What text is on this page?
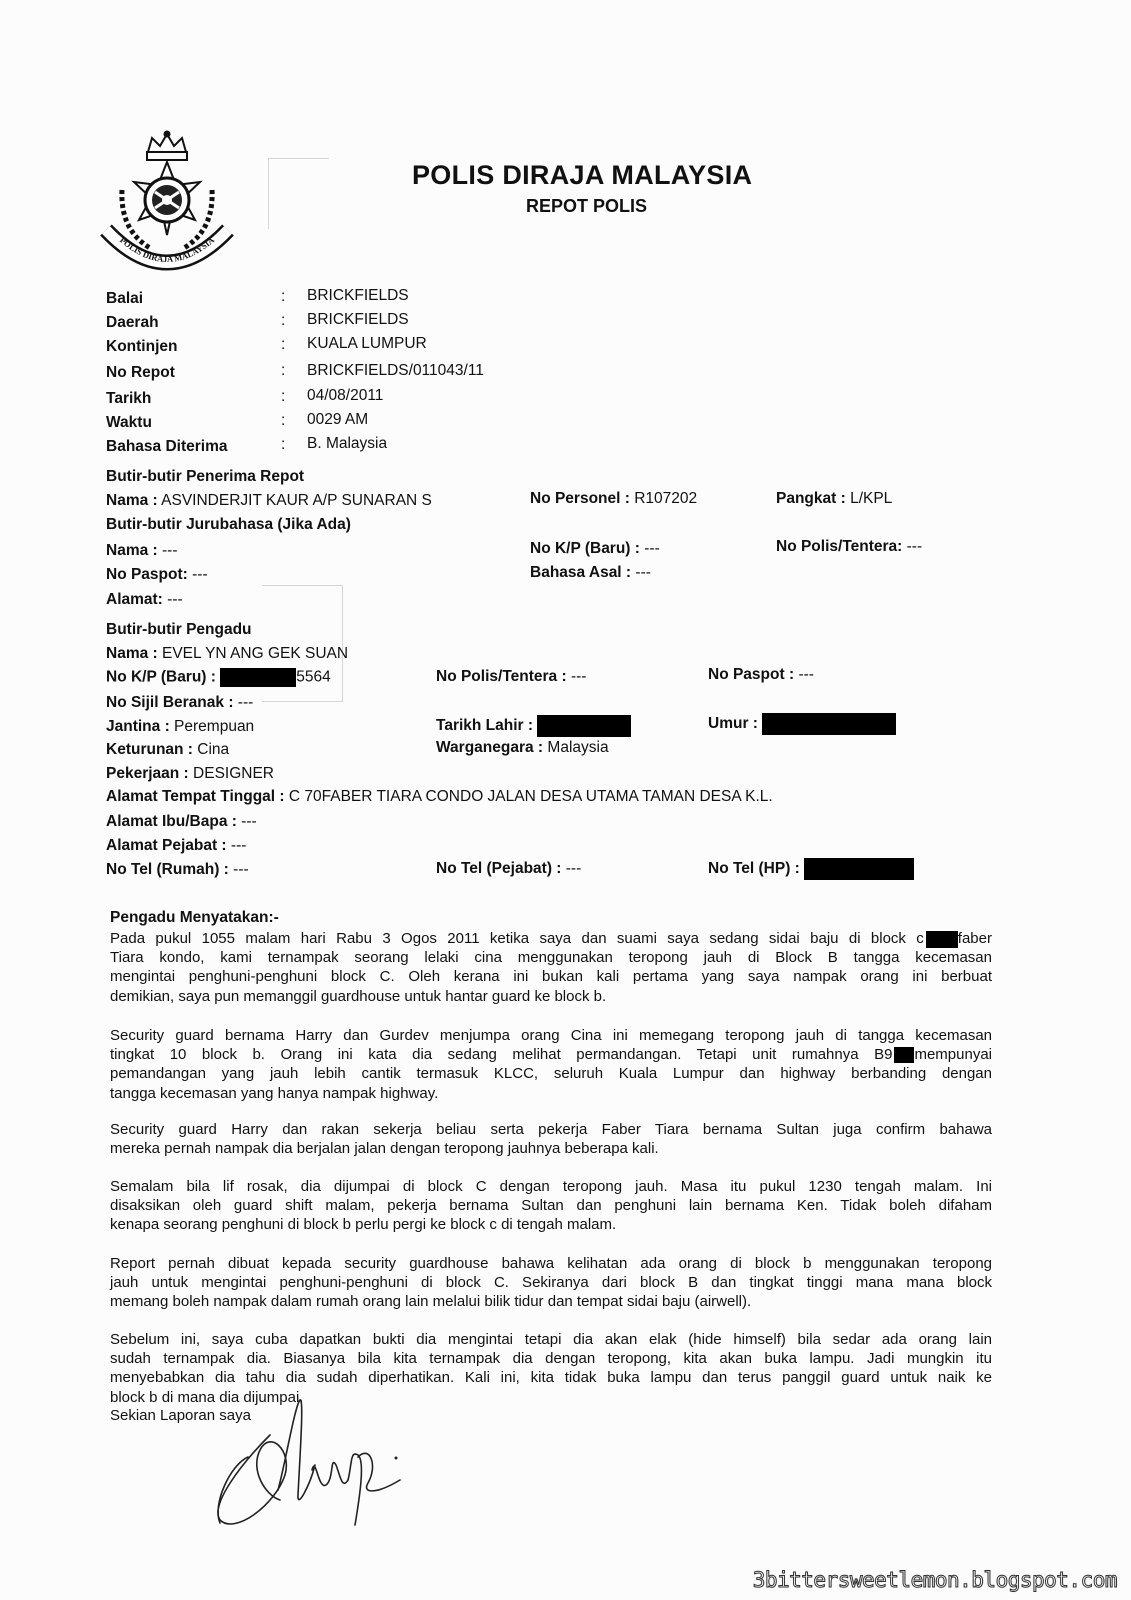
POLIS DIRAJA MALAYSIA
POLIS DIRAJA MALAYSIA
REPOT POLIS
Balai	: BRICKFIELDS
Daerah	: BRICKFIELDS
Kontinjen	: KUALA LUMPUR
No Repot	: BRICKFIELDS/011043/11
Tarikh	: 04/08/2011
Waktu	: 0029 AM
Bahasa Diterima	: B. Malaysia
Butir-butir Penerima Repot
Nama : ASVINDERJIT KAUR A/P SUNARAN S	No Personel : R107202	Pangkat : L/KPL
Butir-butir Jurubahasa (Jika Ada)
Nama : ---	No K/P (Baru) : ---	No Polis/Tentera: ---
No Paspot: ---	Bahasa Asal : ---
Alamat: ---
Butir-butir Pengadu
Nama : EVEL YN ANG GEK SUAN
No K/P (Baru) :	5564	No Polis/Tentera : ---	No Paspot : ---
No Sijil Beranak : ---
Jantina : Perempuan	Tarikh Lahir :	Umur :
Keturunan : Cina	Warganegara : Malaysia
Pekerjaan : DESIGNER
Alamat Tempat Tinggal : C 70FABER TIARA CONDO JALAN DESA UTAMA TAMAN DESA K.L.
Alamat Ibu/Bapa : ---
Alamat Pejabat : ---
No Tel (Rumah) : ---	No Tel (Pejabat) : ---	No Tel (HP) :
Pengadu Menyatakan:-
Pada pukul 1055 malam hari Rabu 3 Ogos 2011 ketika saya dan suami saya sedang sidai baju di block c faber
Tiara kondo, kami ternampak seorang lelaki cina menggunakan teropong jauh di Block B tangga kecemasan
mengintai penghuni-penghuni block C. Oleh kerana ini bukan kali pertama yang saya nampak orang ini berbuat
demikian, saya pun memanggil guardhouse untuk hantar guard ke block b.
Security guard bernama Harry dan Gurdev menjumpa orang Cina ini memegang teropong jauh di tangga kecemasan
tingkat 10 block b. Orang ini kata dia sedang melihat permandangan. Tetapi unit rumahnya B9 mempunyai
pemandangan yang jauh lebih cantik termasuk KLCC, seluruh Kuala Lumpur dan highway berbanding dengan
tangga kecemasan yang hanya nampak highway.
Security guard Harry dan rakan sekerja beliau serta pekerja Faber Tiara bernama Sultan juga confirm bahawa
mereka pernah nampak dia berjalan jalan dengan teropong jauhnya beberapa kali.
Semalam bila lif rosak, dia dijumpai di block C dengan teropong jauh. Masa itu pukul 1230 tengah malam. Ini
disaksikan oleh guard shift malam, pekerja bernama Sultan dan penghuni lain bernama Ken. Tidak boleh difaham
kenapa seorang penghuni di block b perlu pergi ke block c di tengah malam.
Report pernah dibuat kepada security guardhouse bahawa kelihatan ada orang di block b menggunakan teropong
jauh untuk mengintai penghuni-penghuni di block C. Sekiranya dari block B dan tingkat tinggi mana mana block
memang boleh nampak dalam rumah orang lain melalui bilik tidur dan tempat sidai baju (airwell).
Sebelum ini, saya cuba dapatkan bukti dia mengintai tetapi dia akan elak (hide himself) bila sedar ada orang lain
sudah ternampak dia. Biasanya bila kita ternampak dia dengan teropong, kita akan buka lampu. Jadi mungkin itu
menyebabkan dia tahu dia sudah diperhatikan. Kali ini, kita tidak buka lampu dan terus panggil guard untuk naik ke
block b di mana dia dijumpai.
Sekian Laporan saya
3bittersweetlemon.blogspot.com
